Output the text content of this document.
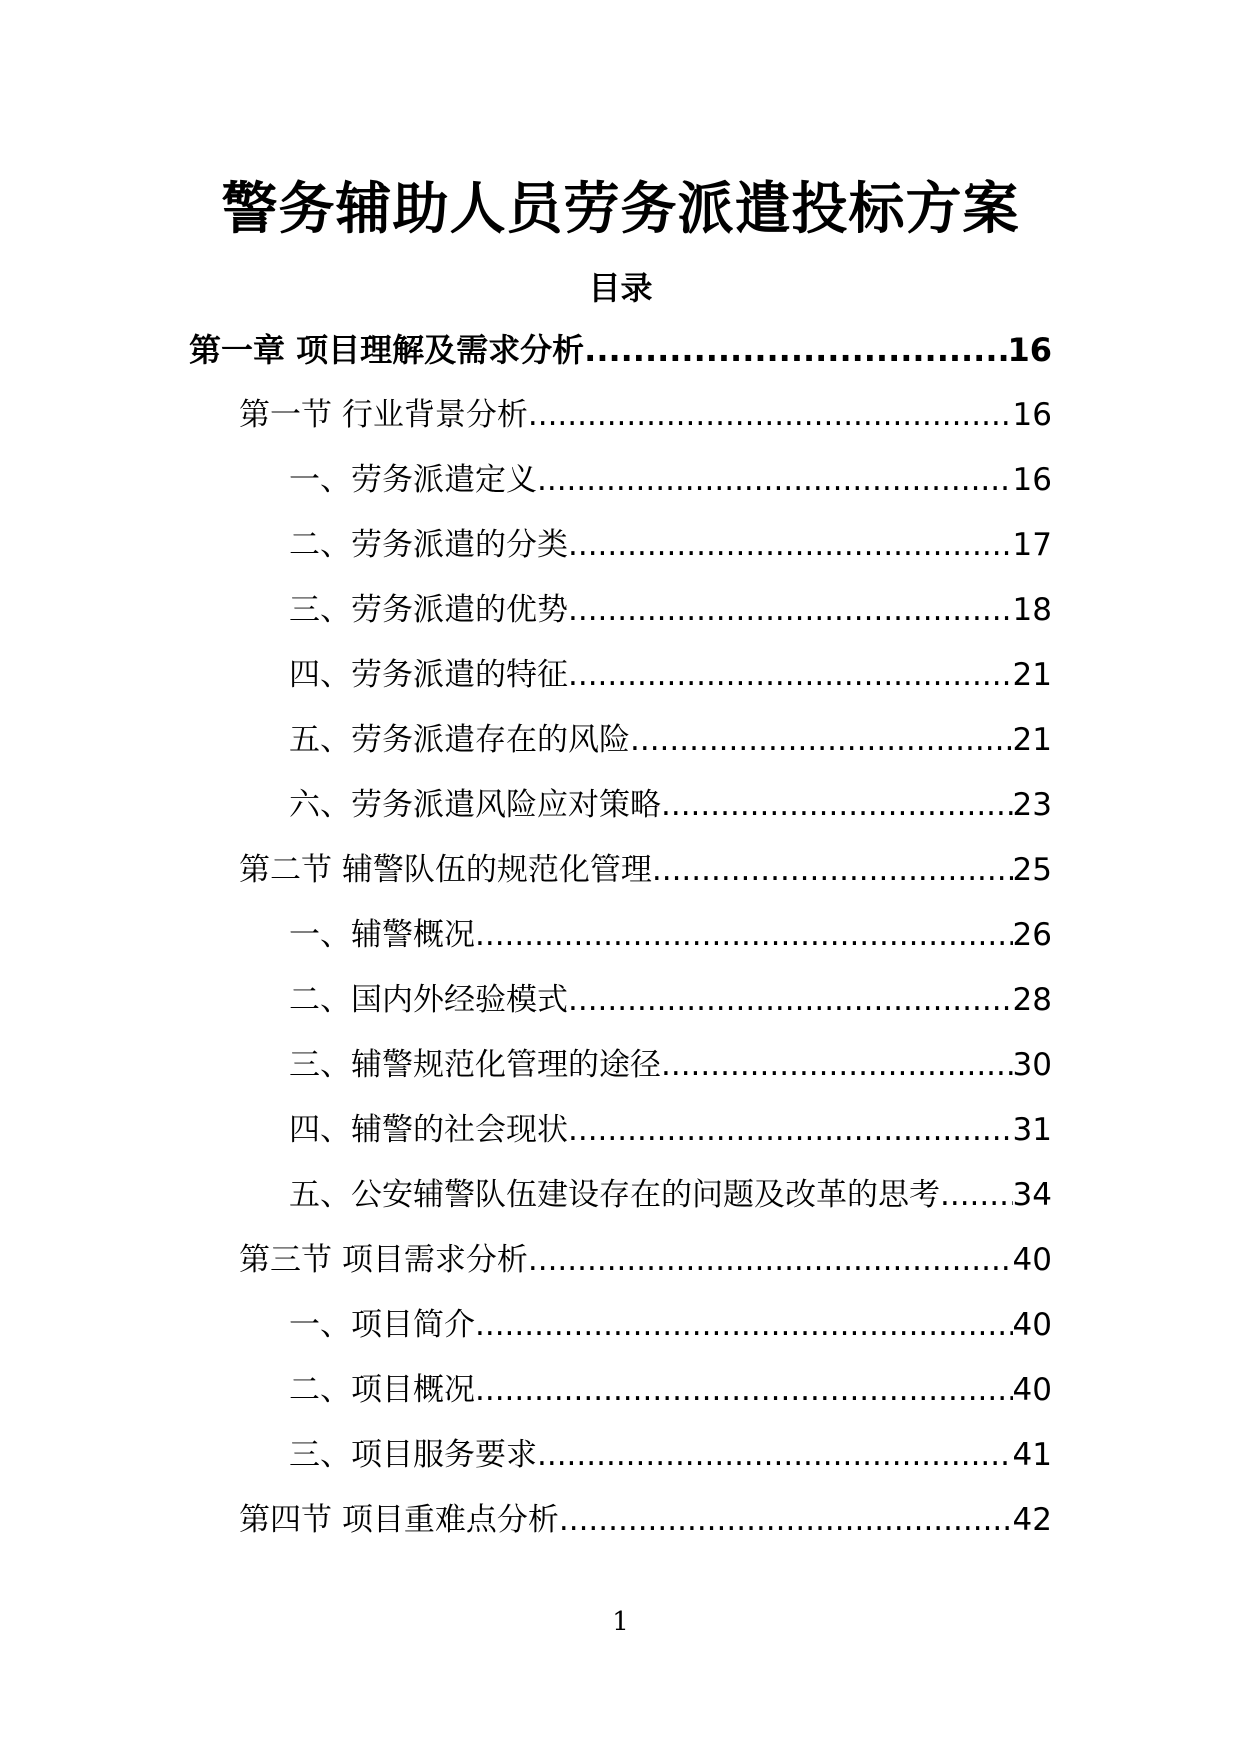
警务辅助人员劳务派遣投标方案
目录
第一章 项目理解及需求分析 .....	16
第一节 行业背景分析 .....	16
一、劳务派遣定义 .....	16
二、劳务派遣的分类 .....	17
三、劳务派遣的优势 .....	18
四、劳务派遣的特征 .....	21
五、劳务派遣存在的风险 .....	21
六、劳务派遣风险应对策略 .....	23
第二节 辅警队伍的规范化管理 .....	25
一、辅警概况 .....	26
二、国内外经验模式 .....	28
三、辅警规范化管理的途径 .....	30
四、辅警的社会现状 .....	31
五、公安辅警队伍建设存在的问题及改革的思考 ..... 34
第三节 项目需求分析 .....	40
一、项目简介 .....	40
二、项目概况 .....	40
三、项目服务要求 .....	41
第四节 项目重难点分析 .....	42
1
